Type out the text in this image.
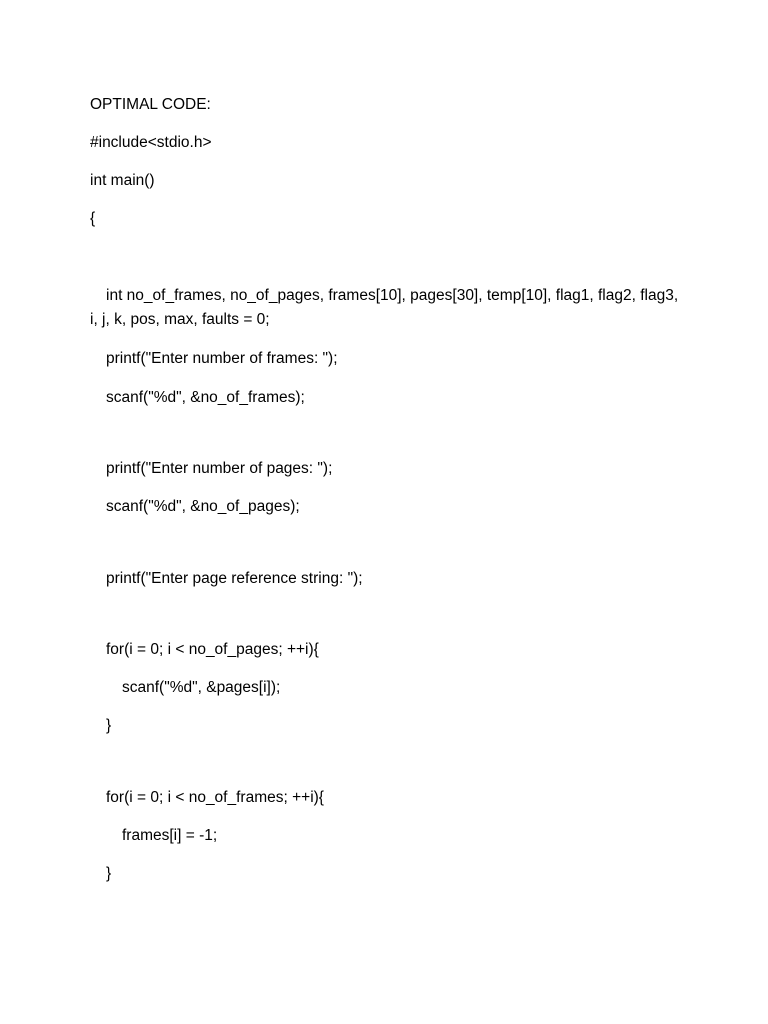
OPTIMAL CODE:
#include<stdio.h>
int main()
{
int no_of_frames, no_of_pages, frames[10], pages[30], temp[10], flag1, flag2, flag3, i, j, k, pos, max, faults = 0;
printf("Enter number of frames: ");
scanf("%d", &no_of_frames);
printf("Enter number of pages: ");
scanf("%d", &no_of_pages);
printf("Enter page reference string: ");
for(i = 0; i < no_of_pages; ++i){
scanf("%d", &pages[i]);
}
for(i = 0; i < no_of_frames; ++i){
frames[i] = -1;
}
